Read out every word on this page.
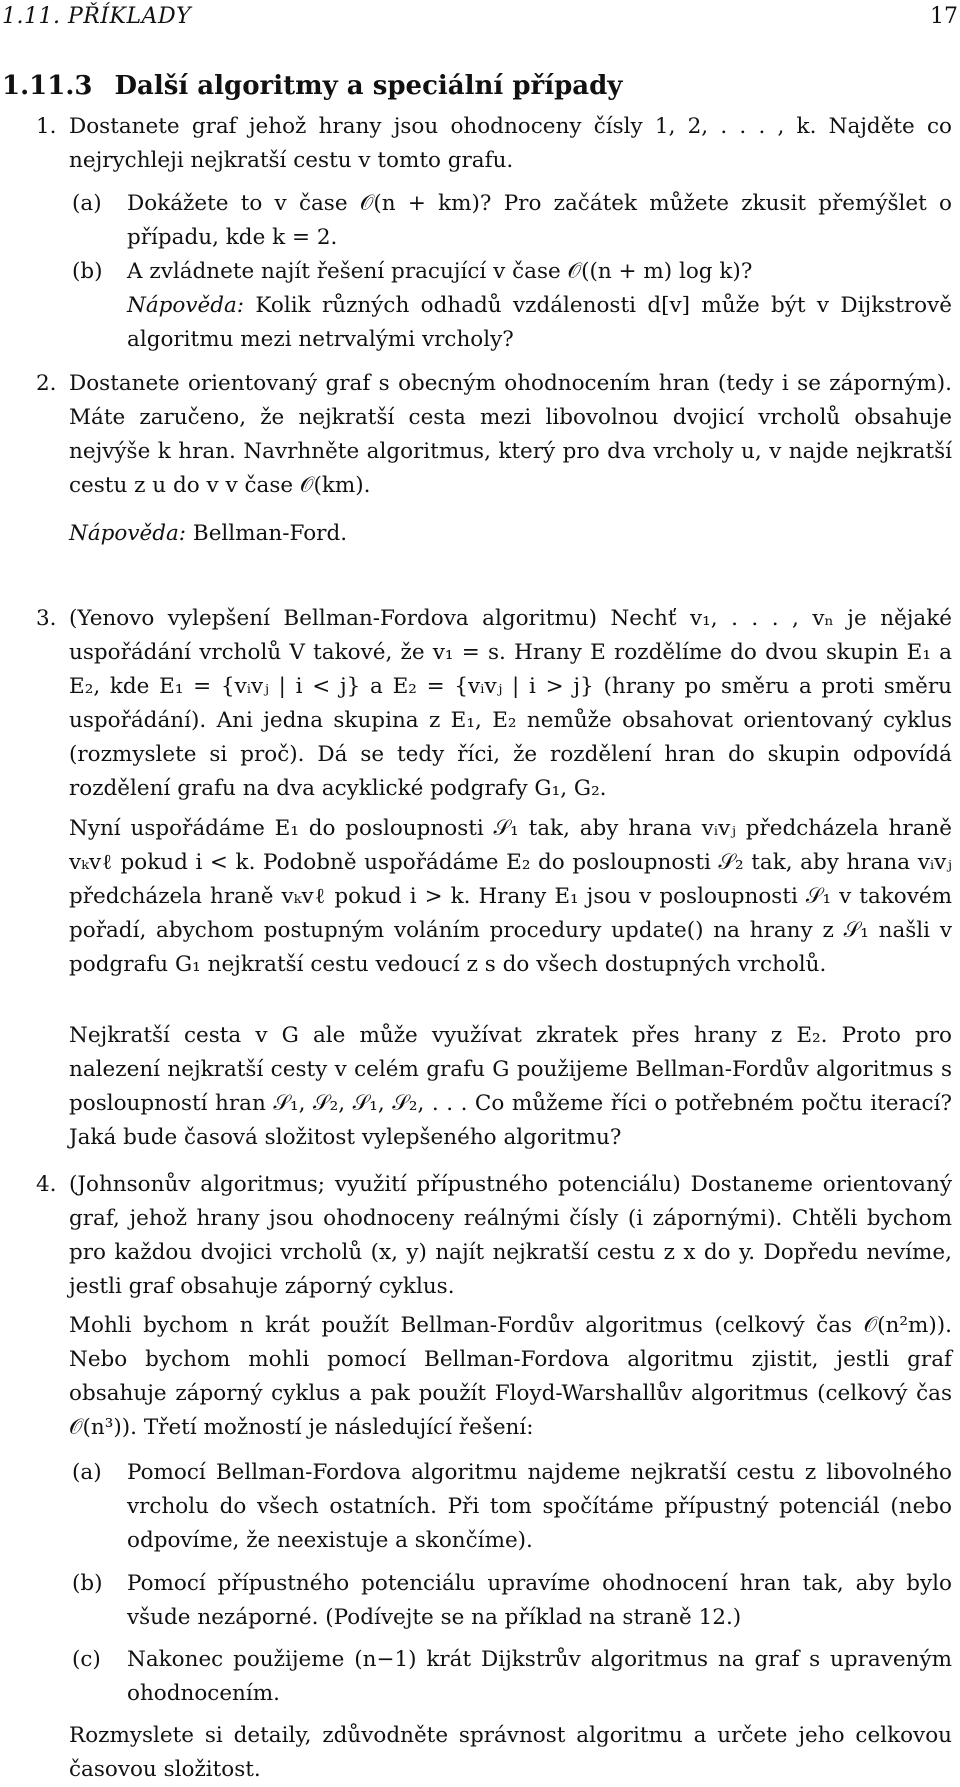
1.11. PŘÍKLADY	17
1.11.3 Další algoritmy a speciální případy
1. Dostanete graf jehož hrany jsou ohodnoceny čísly 1, 2, . . . , k. Najděte co nejrychleji nejkratší cestu v tomto grafu.
(a) Dokážete to v čase 𝒪(n + km)? Pro začátek můžete zkusit přemýšlet o případu, kde k = 2.
(b) A zvládnete najít řešení pracující v čase 𝒪((n + m) log k)?
Nápověda: Kolik různých odhadů vzdálenosti d[v] může být v Dijkstrově algoritmu mezi netrvalými vrcholy?
2. Dostanete orientovaný graf s obecným ohodnocením hran (tedy i se záporným). Máte zaručeno, že nejkratší cesta mezi libovolnou dvojicí vrcholů obsahuje nejvýše k hran. Navrhněte algoritmus, který pro dva vrcholy u, v najde nejkratší cestu z u do v v čase 𝒪(km).
Nápověda: Bellman-Ford.
3. (Yenovo vylepšení Bellman-Fordova algoritmu) Nechť v₁, . . . , vₙ je nějaké uspořádání vrcholů V takové, že v₁ = s. Hrany E rozdělíme do dvou skupin E₁ a E₂, kde E₁ = {vᵢvⱼ | i < j} a E₂ = {vᵢvⱼ | i > j} (hrany po směru a proti směru uspořádání). Ani jedna skupina z E₁, E₂ nemůže obsahovat orientovaný cyklus (rozmyslete si proč). Dá se tedy říci, že rozdělení hran do skupin odpovídá rozdělení grafu na dva acyklické podgrafy G₁, G₂.
Nyní uspořádáme E₁ do posloupnosti 𝒮₁ tak, aby hrana vᵢvⱼ předcházela hraně vₖvℓ pokud i < k. Podobně uspořádáme E₂ do posloupnosti 𝒮₂ tak, aby hrana vᵢvⱼ předcházela hraně vₖvℓ pokud i > k. Hrany E₁ jsou v posloupnosti 𝒮₁ v takovém pořadí, abychom postupným voláním procedury update() na hrany z 𝒮₁ našli v podgrafu G₁ nejkratší cestu vedoucí z s do všech dostupných vrcholů.
Nejkratší cesta v G ale může využívat zkratek přes hrany z E₂. Proto pro nalezení nejkratší cesty v celém grafu G použijeme Bellman-Fordův algoritmus s posloupností hran 𝒮₁, 𝒮₂, 𝒮₁, 𝒮₂, . . . Co můžeme říci o potřebném počtu iterací? Jaká bude časová složitost vylepšeného algoritmu?
4. (Johnsonův algoritmus; využití přípustného potenciálu) Dostaneme orientovaný graf, jehož hrany jsou ohodnoceny reálnými čísly (i zápornými). Chtěli bychom pro každou dvojici vrcholů (x, y) najít nejkratší cestu z x do y. Dopředu nevíme, jestli graf obsahuje záporný cyklus.
Mohli bychom n krát použít Bellman-Fordův algoritmus (celkový čas 𝒪(n²m)). Nebo bychom mohli pomocí Bellman-Fordova algoritmu zjistit, jestli graf obsahuje záporný cyklus a pak použít Floyd-Warshallův algoritmus (celkový čas 𝒪(n³)). Třetí možností je následující řešení:
(a) Pomocí Bellman-Fordova algoritmu najdeme nejkratší cestu z libovolného vrcholu do všech ostatních. Při tom spočítáme přípustný potenciál (nebo odpovíme, že neexistuje a skončíme).
(b) Pomocí přípustného potenciálu upravíme ohodnocení hran tak, aby bylo všude nezáporné. (Podívejte se na příklad na straně 12.)
(c) Nakonec použijeme (n−1) krát Dijkstrův algoritmus na graf s upraveným ohodnocením.
Rozmyslete si detaily, zdůvodněte správnost algoritmu a určete jeho celkovou časovou složitost.
